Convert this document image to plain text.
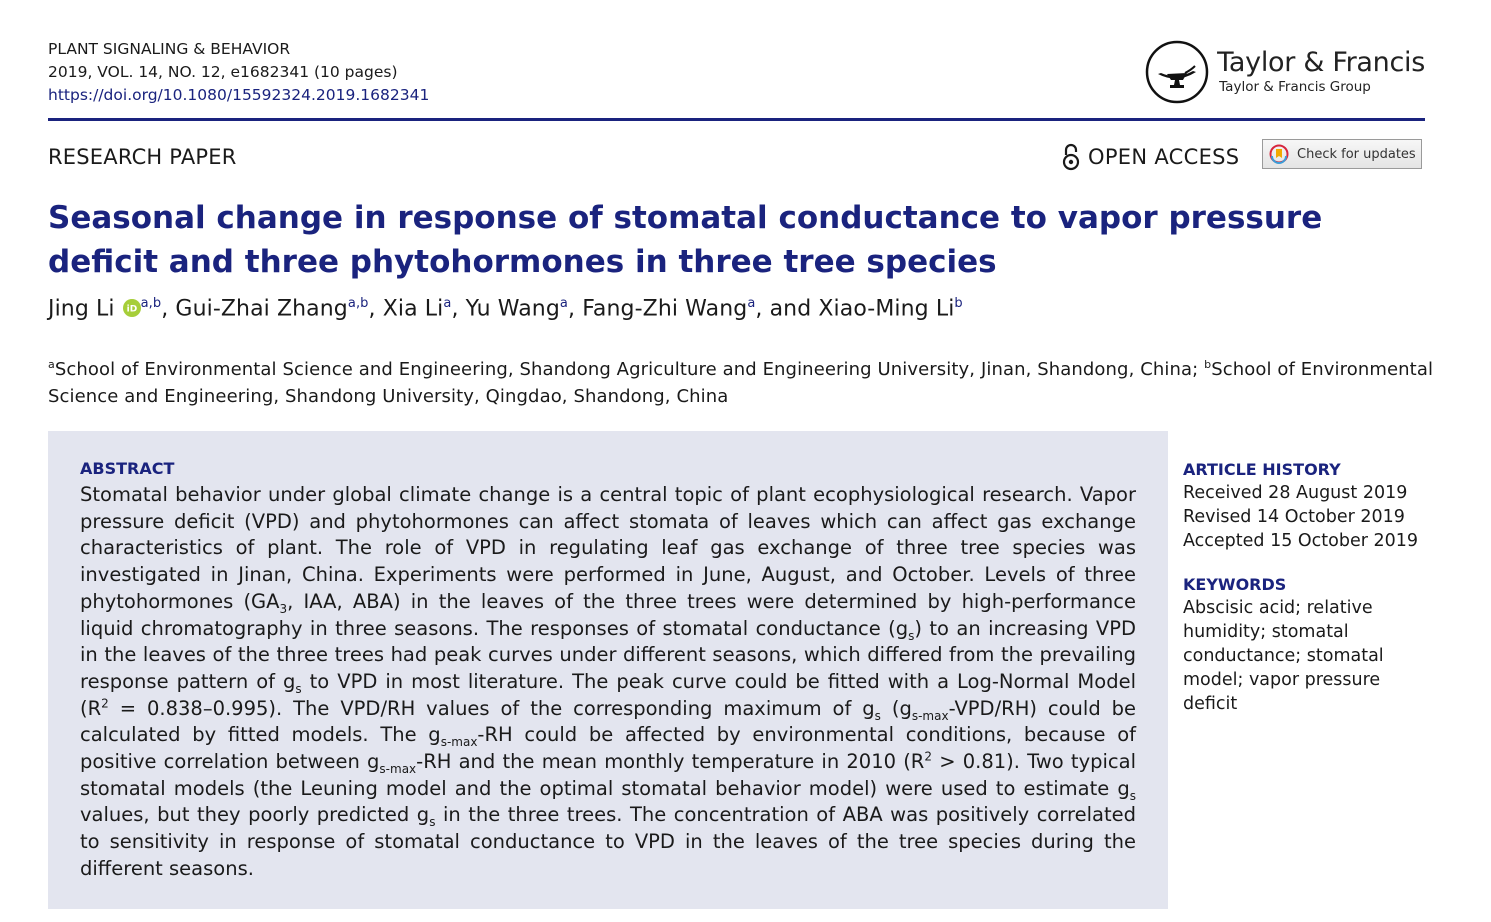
PLANT SIGNALING & BEHAVIOR
2019, VOL. 14, NO. 12, e1682341 (10 pages)
https://doi.org/10.1080/15592324.2019.1682341
Taylor & Francis
Taylor & Francis Group
RESEARCH PAPER	OPEN ACCESS	Check for updates
Seasonal change in response of stomatal conductance to vapor pressure deficit and three phytohormones in three tree species
Jing Li iD $^{a,b}$, Gui-Zhai Zhang$^{a,b}$, Xia Li$^a$, Yu Wang$^a$, Fang-Zhi Wang$^a$, and Xiao-Ming Li$^b$
$^a$School of Environmental Science and Engineering, Shandong Agriculture and Engineering University, Jinan, Shandong, China; $^b$School of Environmental Science and Engineering, Shandong University, Qingdao, Shandong, China
ABSTRACT
Stomatal behavior under global climate change is a central topic of plant ecophysiological research. Vapor pressure deficit (VPD) and phytohormones can affect stomata of leaves which can affect gas exchange characteristics of plant. The role of VPD in regulating leaf gas exchange of three tree species was investigated in Jinan, China. Experiments were performed in June, August, and October. Levels of three phytohormones ($GA_3$, IAA, ABA) in the leaves of the three trees were determined by high-performance liquid chromatography in three seasons. The responses of stomatal conductance $(g_s)$ to an increasing VPD in the leaves of the three trees had peak curves under different seasons, which differed from the prevailing response pattern of $g_s$ to VPD in most literature. The peak curve could be fitted with a Log-Normal Model $(R^2 = 0.838-0.995)$. The VPD/RH values of the corresponding maximum of $g_s$ $(g_{s-max}-VPD/RH)$ could be calculated by fitted models. The $g_{s-max}-RH$ could be affected by environmental conditions, because of positive correlation between $g_{s-max}-RH$ and the mean monthly temperature in 2010 $(R^2 > 0.81)$. Two typical stomatal models (the Leuning model and the optimal stomatal behavior model) were used to estimate $g_s$ values, but they poorly predicted $g_s$ in the three trees. The concentration of ABA was positively correlated to sensitivity in response of stomatal conductance to VPD in the leaves of the tree species during the different seasons.
ARTICLE HISTORY
Received 28 August 2019
Revised 14 October 2019
Accepted 15 October 2019
KEYWORDS
Abscisic acid; relative humidity; stomatal conductance; stomatal model; vapor pressure deficit
